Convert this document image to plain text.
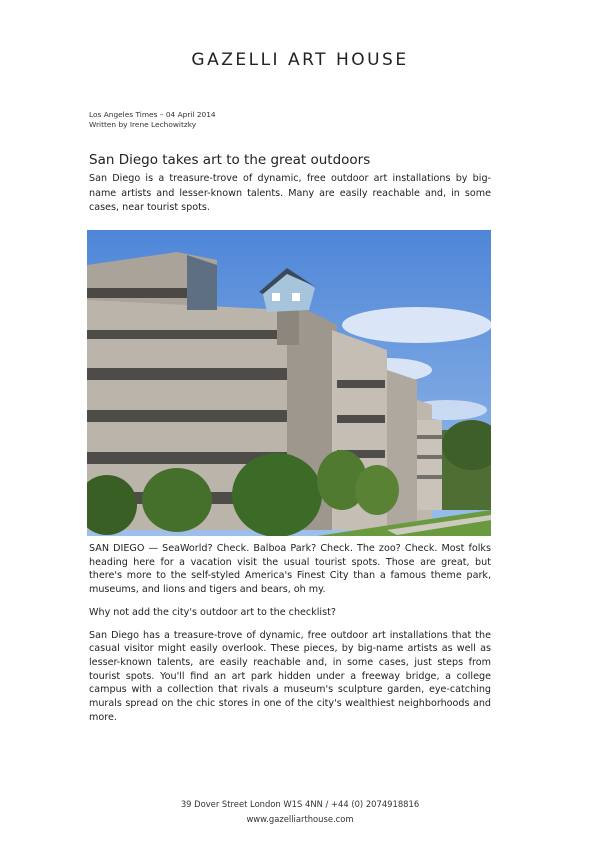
GAZELLI ART HOUSE
Los Angeles Times – 04 April 2014
Written by Irene Lechowitzky
San Diego takes art to the great outdoors
San Diego is a treasure-trove of dynamic, free outdoor art installations by big-name artists and lesser-known talents. Many are easily reachable and, in some cases, near tourist spots.

SAN DIEGO — SeaWorld? Check. Balboa Park? Check. The zoo? Check. Most folks heading here for a vacation visit the usual tourist spots. Those are great, but there's more to the self-styled America's Finest City than a famous theme park, museums, and lions and tigers and bears, oh my.

Why not add the city's outdoor art to the checklist?

San Diego has a treasure-trove of dynamic, free outdoor art installations that the casual visitor might easily overlook. These pieces, by big-name artists as well as lesser-known talents, are easily reachable and, in some cases, just steps from tourist spots. You'll find an art park hidden under a freeway bridge, a college campus with a collection that rivals a museum's sculpture garden, eye-catching murals spread on the chic stores in one of the city's wealthiest neighborhoods and more.

39 Dover Street London W1S 4NN / +44 (0) 2074918816
www.gazelliarthouse.com
